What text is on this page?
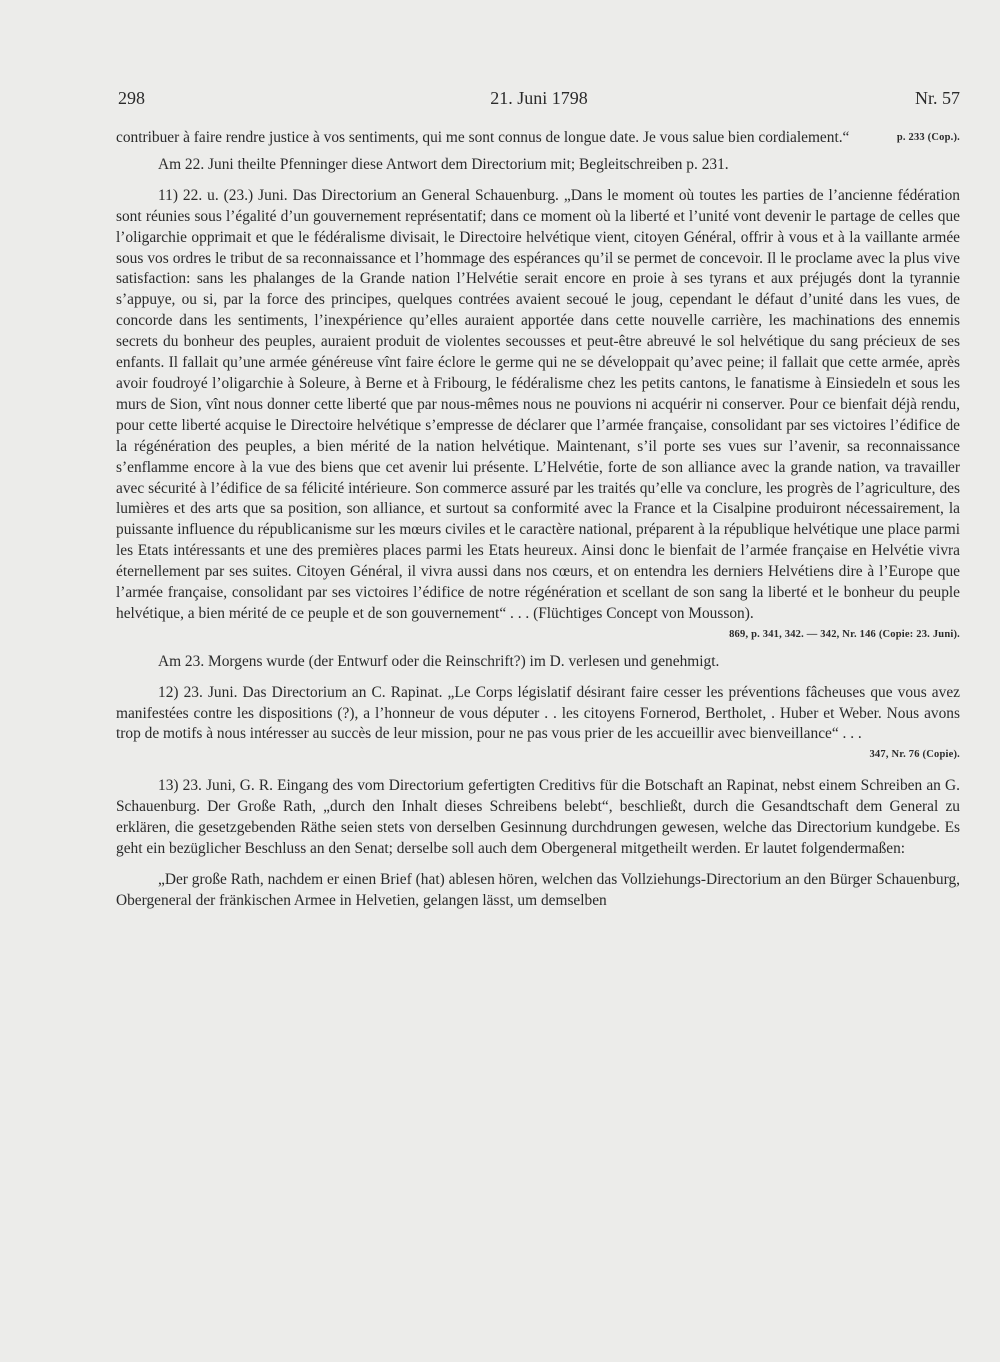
298	21. Juni 1798	Nr. 57

contribuer à faire rendre justice à vos sentiments, qui me sont connus de longue date. Je vous salue bien cordialement.“	p. 233 (Cop.).

Am 22. Juni theilte Pfenninger diese Antwort dem Directorium mit; Begleitschreiben p. 231.

11) 22. u. (23.) Juni. Das Directorium an General Schauenburg. „Dans le moment où toutes les parties de l’ancienne fédération sont réunies sous l’égalité d’un gouvernement représentatif; dans ce moment où la liberté et l’unité vont devenir le partage de celles que l’oligarchie opprimait et que le fédéralisme divisait, le Directoire helvétique vient, citoyen Général, offrir à vous et à la vaillante armée sous vos ordres le tribut de sa reconnaissance et l’hommage des espérances qu’il se permet de concevoir. Il le proclame avec la plus vive satisfaction: sans les phalanges de la Grande nation l’Helvétie serait encore en proie à ses tyrans et aux préjugés dont la tyrannie s’appuye, ou si, par la force des principes, quelques contrées avaient secoué le joug, cependant le défaut d’unité dans les vues, de concorde dans les sentiments, l’inexpérience qu’elles auraient apportée dans cette nouvelle carrière, les machinations des ennemis secrets du bonheur des peuples, auraient produit de violentes secousses et peut-être abreuvé le sol helvétique du sang précieux de ses enfants. Il fallait qu’une armée généreuse vînt faire éclore le germe qui ne se développait qu’avec peine; il fallait que cette armée, après avoir foudroyé l’oligarchie à Soleure, à Berne et à Fribourg, le fédéralisme chez les petits cantons, le fanatisme à Einsiedeln et sous les murs de Sion, vînt nous donner cette liberté que par nous-mêmes nous ne pouvions ni acquérir ni conserver. Pour ce bienfait déjà rendu, pour cette liberté acquise le Directoire helvétique s’empresse de déclarer que l’armée française, consolidant par ses victoires l’édifice de la régénération des peuples, a bien mérité de la nation helvétique. Maintenant, s’il porte ses vues sur l’avenir, sa reconnaissance s’enflamme encore à la vue des biens que cet avenir lui présente. L’Helvétie, forte de son alliance avec la grande nation, va travailler avec sécurité à l’édifice de sa félicité intérieure. Son commerce assuré par les traités qu’elle va conclure, les progrès de l’agriculture, des lumières et des arts que sa position, son alliance, et surtout sa conformité avec la France et la Cisalpine produiront nécessairement, la puissante influence du républicanisme sur les mœurs civiles et le caractère national, préparent à la république helvétique une place parmi les Etats intéressants et une des premières places parmi les Etats heureux. Ainsi donc le bienfait de l’armée française en Helvétie vivra éternellement par ses suites. Citoyen Général, il vivra aussi dans nos cœurs, et on entendra les derniers Helvétiens dire à l’Europe que l’armée française, consolidant par ses victoires l’édifice de notre régénération et scellant de son sang la liberté et le bonheur du peuple helvétique, a bien mérité de ce peuple et de son gouvernement“ . . . (Flüchtiges Concept von Mousson).
869, p. 341, 342. — 342, Nr. 146 (Copie: 23. Juni).

Am 23. Morgens wurde (der Entwurf oder die Reinschrift?) im D. verlesen und genehmigt.

12) 23. Juni. Das Directorium an C. Rapinat. „Le Corps législatif désirant faire cesser les préventions fâcheuses que vous avez manifestées contre les dispositions (?), a l’honneur de vous députer . . les citoyens Fornerod, Bertholet, . Huber et Weber. Nous avons trop de motifs à nous intéresser au succès de leur mission, pour ne pas vous prier de les accueillir avec bienveillance“ . . .
347, Nr. 76 (Copie).

13) 23. Juni, G. R. Eingang des vom Directorium gefertigten Creditivs für die Botschaft an Rapinat, nebst einem Schreiben an G. Schauenburg. Der Große Rath, „durch den Inhalt dieses Schreibens belebt“, beschließt, durch die Gesandtschaft dem General zu erklären, die gesetzgebenden Räthe seien stets von derselben Gesinnung durchdrungen gewesen, welche das Directorium kundgebe. Es geht ein bezüglicher Beschluss an den Senat; derselbe soll auch dem Obergeneral mitgetheilt werden. Er lautet folgendermaßen:

„Der große Rath, nachdem er einen Brief (hat) ablesen hören, welchen das Vollziehungs-Directorium an den Bürger Schauenburg, Obergeneral der fränkischen Armee in Helvetien, gelangen lässt, um demselben
